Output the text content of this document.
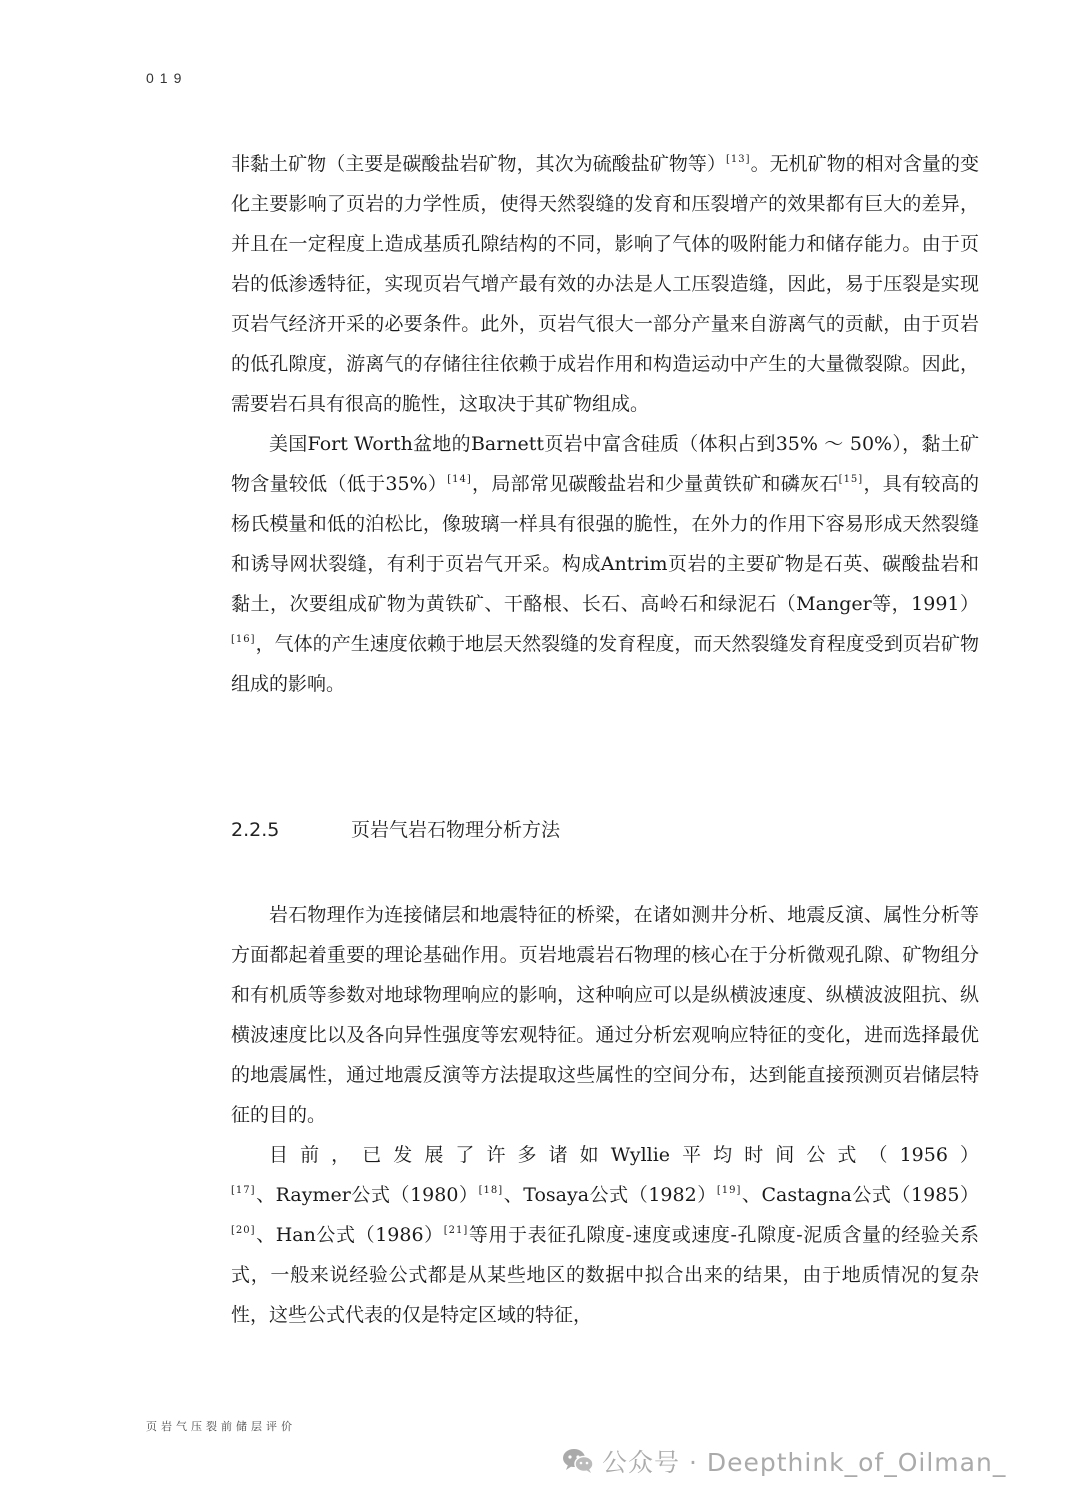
019

非黏土矿物（主要是碳酸盐岩矿物，其次为硫酸盐矿物等）[13]。无机矿物的相对含量的变化主要影响了页岩的力学性质，使得天然裂缝的发育和压裂增产的效果都有巨大的差异，并且在一定程度上造成基质孔隙结构的不同，影响了气体的吸附能力和储存能力。由于页岩的低渗透特征，实现页岩气增产最有效的办法是人工压裂造缝，因此，易于压裂是实现页岩气经济开采的必要条件。此外，页岩气很大一部分产量来自游离气的贡献，由于页岩的低孔隙度，游离气的存储往往依赖于成岩作用和构造运动中产生的大量微裂隙。因此，需要岩石具有很高的脆性，这取决于其矿物组成。

美国Fort Worth盆地的Barnett页岩中富含硅质（体积占到35% ～ 50%），黏土矿物含量较低（低于35%）[14]，局部常见碳酸盐岩和少量黄铁矿和磷灰石[15]，具有较高的杨氏模量和低的泊松比，像玻璃一样具有很强的脆性，在外力的作用下容易形成天然裂缝和诱导网状裂缝，有利于页岩气开采。构成Antrim页岩的主要矿物是石英、碳酸盐岩和黏土，次要组成矿物为黄铁矿、干酪根、长石、高岭石和绿泥石（Manger等，1991）[16]，气体的产生速度依赖于地层天然裂缝的发育程度，而天然裂缝发育程度受到页岩矿物组成的影响。

2.2.5	页岩气岩石物理分析方法

岩石物理作为连接储层和地震特征的桥梁，在诸如测井分析、地震反演、属性分析等方面都起着重要的理论基础作用。页岩地震岩石物理的核心在于分析微观孔隙、矿物组分和有机质等参数对地球物理响应的影响，这种响应可以是纵横波速度、纵横波波阻抗、纵横波速度比以及各向异性强度等宏观特征。通过分析宏观响应特征的变化，进而选择最优的地震属性，通过地震反演等方法提取这些属性的空间分布，达到能直接预测页岩储层特征的目的。

目前，已发展了许多诸如Wyllie平均时间公式（1956）[17]、Raymer公式（1980）[18]、Tosaya公式（1982）[19]、Castagna公式（1985）[20]、Han公式（1986）[21]等用于表征孔隙度-速度或速度-孔隙度-泥质含量的经验关系式，一般来说经验公式都是从某些地区的数据中拟合出来的结果，由于地质情况的复杂性，这些公式代表的仅是特定区域的特征，

页岩气压裂前储层评价
公众号 · Deepthink_of_Oilman_
